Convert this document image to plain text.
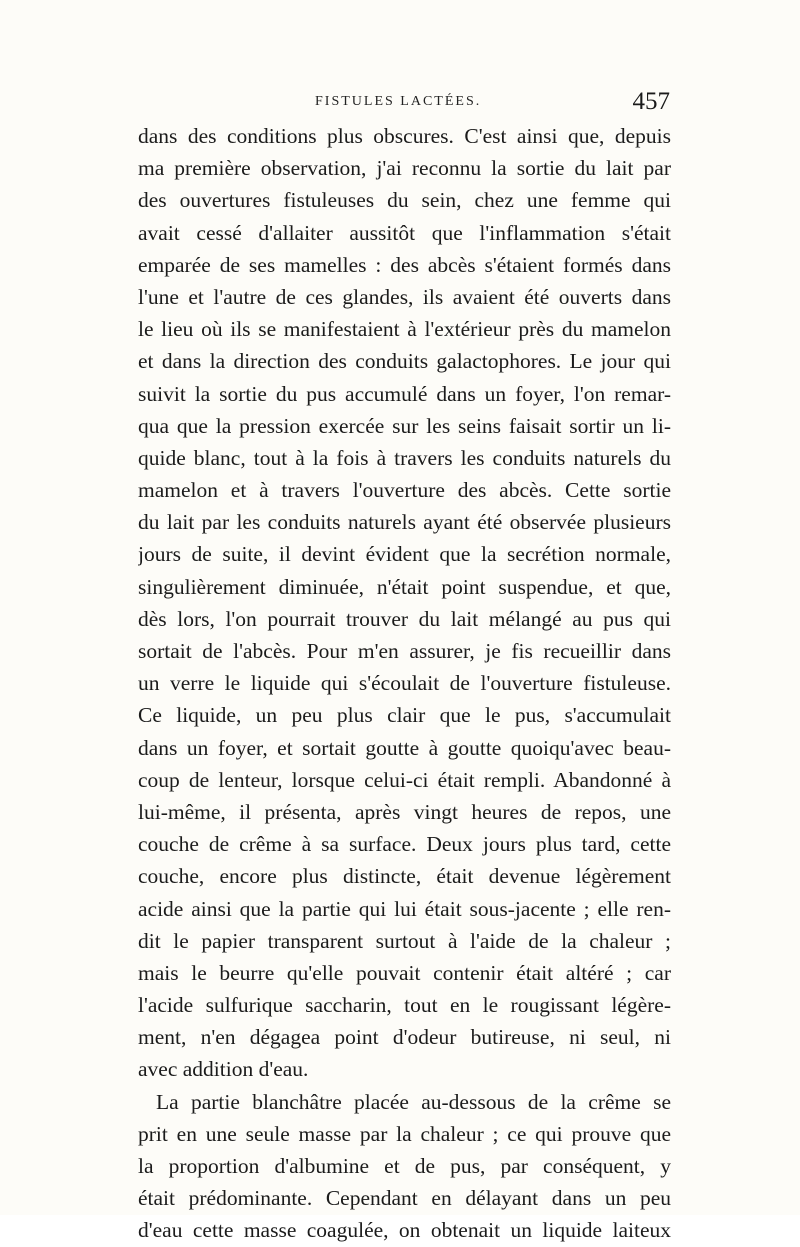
FISTULES LACTÉES.	457
dans des conditions plus obscures. C'est ainsi que, depuis
ma première observation, j'ai reconnu la sortie du lait par
des ouvertures fistuleuses du sein, chez une femme qui
avait cessé d'allaiter aussitôt que l'inflammation s'était
emparée de ses mamelles : des abcès s'étaient formés dans
l'une et l'autre de ces glandes, ils avaient été ouverts dans
le lieu où ils se manifestaient à l'extérieur près du mamelon
et dans la direction des conduits galactophores. Le jour qui
suivit la sortie du pus accumulé dans un foyer, l'on remar-
qua que la pression exercée sur les seins faisait sortir un li-
quide blanc, tout à la fois à travers les conduits naturels du
mamelon et à travers l'ouverture des abcès. Cette sortie
du lait par les conduits naturels ayant été observée plusieurs
jours de suite, il devint évident que la secrétion normale,
singulièrement diminuée, n'était point suspendue, et que,
dès lors, l'on pourrait trouver du lait mélangé au pus qui
sortait de l'abcès. Pour m'en assurer, je fis recueillir dans
un verre le liquide qui s'écoulait de l'ouverture fistuleuse.
Ce liquide, un peu plus clair que le pus, s'accumulait
dans un foyer, et sortait goutte à goutte quoiqu'avec beau-
coup de lenteur, lorsque celui-ci était rempli. Abandonné à
lui-même, il présenta, après vingt heures de repos, une
couche de crême à sa surface. Deux jours plus tard, cette
couche, encore plus distincte, était devenue légèrement
acide ainsi que la partie qui lui était sous-jacente ; elle ren-
dit le papier transparent surtout à l'aide de la chaleur ;
mais le beurre qu'elle pouvait contenir était altéré ; car
l'acide sulfurique saccharin, tout en le rougissant légère-
ment, n'en dégagea point d'odeur butireuse, ni seul, ni
avec addition d'eau.
La partie blanchâtre placée au-dessous de la crême se
prit en une seule masse par la chaleur ; ce qui prouve que
la proportion d'albumine et de pus, par conséquent, y
était prédominante. Cependant en délayant dans un peu
d'eau cette masse coagulée, on obtenait un liquide laiteux
